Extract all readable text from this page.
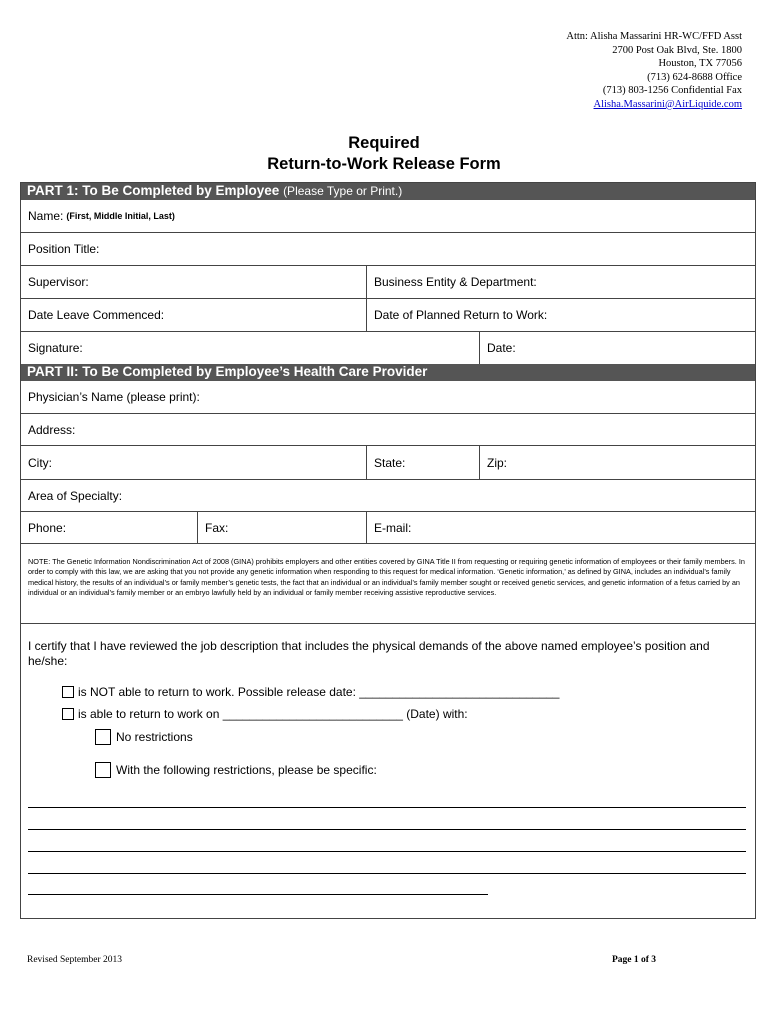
Attn: Alisha Massarini HR-WC/FFD Asst
2700 Post Oak Blvd, Ste. 1800
Houston, TX 77056
(713) 624-8688 Office
(713) 803-1256 Confidential Fax
Alisha.Massarini@AirLiquide.com
Required
Return-to-Work Release Form
PART 1: To Be Completed by Employee (Please Type or Print.)
Name: (First, Middle Initial, Last)
Position Title:
Supervisor:	Business Entity & Department:
Date Leave Commenced:	Date of Planned Return to Work:
Signature:	Date:
PART II: To Be Completed by Employee’s Health Care Provider
Physician’s Name (please print):
Address:
City:	State:	Zip:
Area of Specialty:
Phone:	Fax:	E-mail:
NOTE: The Genetic Information Nondiscrimination Act of 2008 (GINA) prohibits employers and other entities covered by GINA Title II from requesting or requiring genetic information of employees or their family members. In order to comply with this law, we are asking that you not provide any genetic information when responding to this request for medical information. ‘Genetic information,’ as defined by GINA, includes an individual’s family medical history, the results of an individual’s or family member’s genetic tests, the fact that an individual or an individual’s family member sought or received genetic services, and genetic information of a fetus carried by an individual or an individual’s family member or an embryo lawfully held by an individual or family member receiving assistive reproductive services.
I certify that I have reviewed the job description that includes the physical demands of the above named employee’s position and he/she:
is NOT able to return to work. Possible release date: ______________________________
is able to return to work on ___________________________ (Date) with:
No restrictions
With the following restrictions, please be specific:
Revised September 2013	Page 1 of 3
